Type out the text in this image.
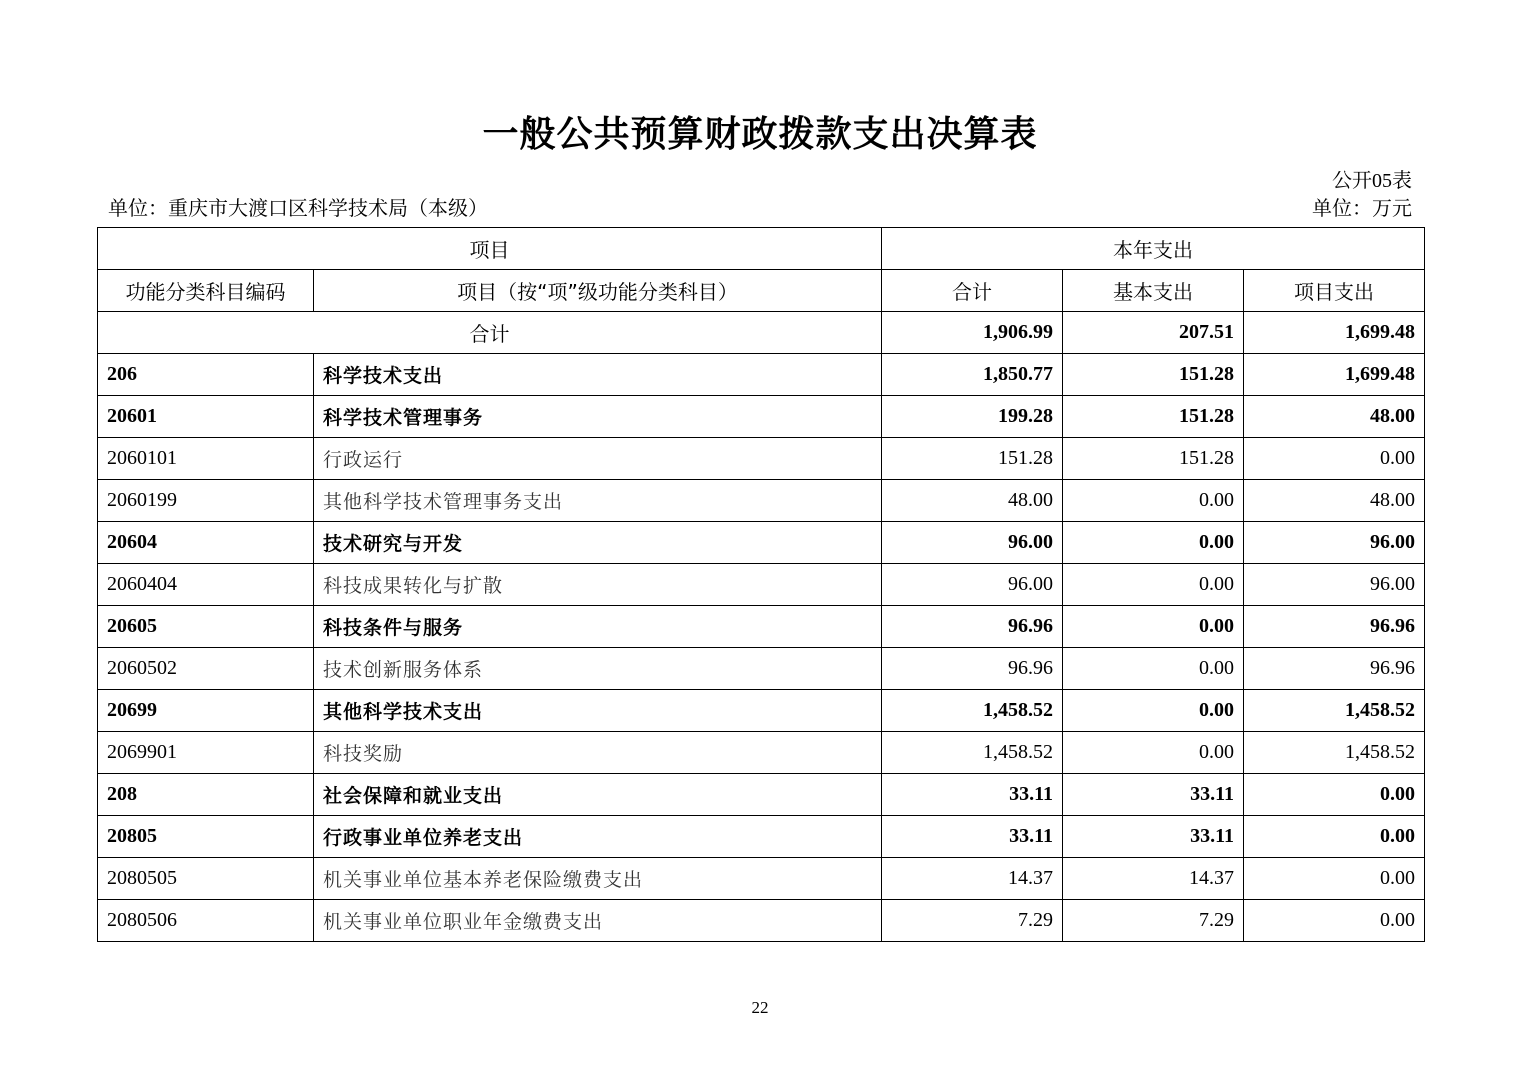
一般公共预算财政拨款支出决算表
公开05表
单位：重庆市大渡口区科学技术局（本级）	单位：万元
项目		本年支出		
功能分类科目编码	项目（按“项”级功能分类科目）	合计	基本支出	项目支出
合计		1,906.99	207.51	1,699.48
206	科学技术支出	1,850.77	151.28	1,699.48
20601	科学技术管理事务	199.28	151.28	48.00
2060101	行政运行	151.28	151.28	0.00
2060199	其他科学技术管理事务支出	48.00	0.00	48.00
20604	技术研究与开发	96.00	0.00	96.00
2060404	科技成果转化与扩散	96.00	0.00	96.00
20605	科技条件与服务	96.96	0.00	96.96
2060502	技术创新服务体系	96.96	0.00	96.96
20699	其他科学技术支出	1,458.52	0.00	1,458.52
2069901	科技奖励	1,458.52	0.00	1,458.52
208	社会保障和就业支出	33.11	33.11	0.00
20805	行政事业单位养老支出	33.11	33.11	0.00
2080505	机关事业单位基本养老保险缴费支出	14.37	14.37	0.00
2080506	机关事业单位职业年金缴费支出	7.29	7.29	0.00
22
